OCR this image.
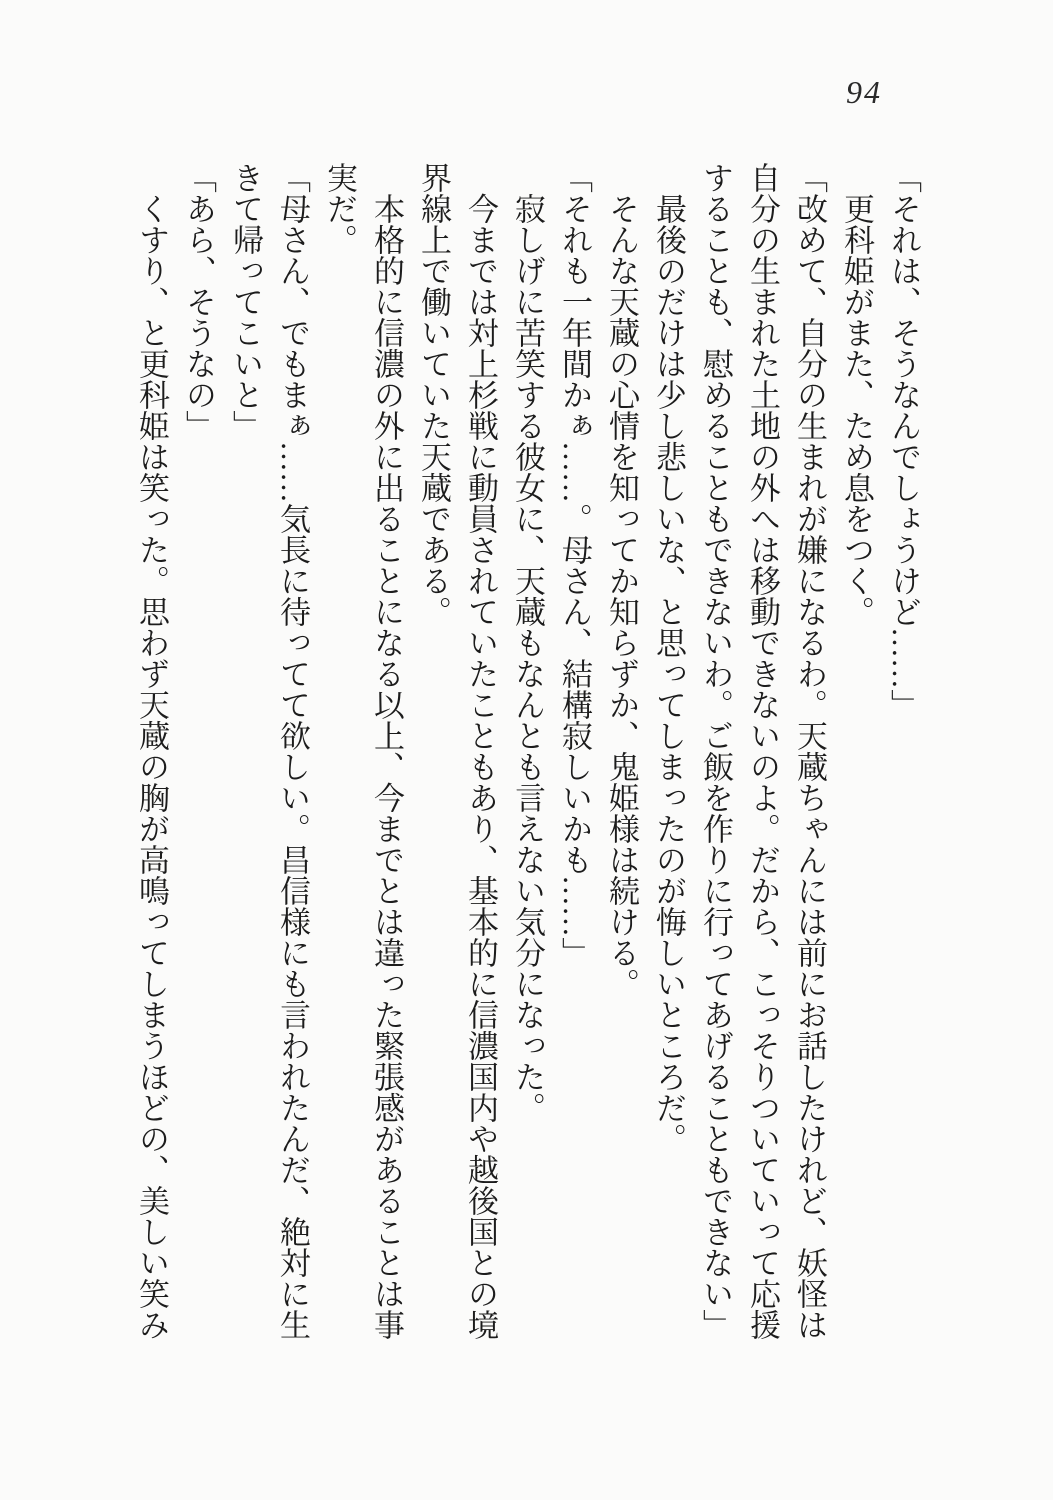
94

「それは、そうなんでしょうけど……」

更科姫がまた、ため息をつく。

「改めて、自分の生まれが嫌になるわ。天蔵ちゃんには前にお話したけれど、妖怪は

自分の生まれた土地の外へは移動できないのよ。だから、こっそりついていって応援

することも、慰めることもできないわ。ご飯を作りに行ってあげることもできない」

最後のだけは少し悲しいな、と思ってしまったのが悔しいところだ。

そんな天蔵の心情を知ってか知らずか、鬼姫様は続ける。

「それも一年間かぁ……。母さん、結構寂しいかも……」

寂しげに苦笑する彼女に、天蔵もなんとも言えない気分になった。

今までは対上杉戦に動員されていたこともあり、基本的に信濃国内や越後国との境

界線上で働いていた天蔵である。

本格的に信濃の外に出ることになる以上、今までとは違った緊張感があることは事

実だ。

「母さん、でもまぁ……気長に待ってて欲しい。昌信様にも言われたんだ、絶対に生

きて帰ってこいと」

「あら、そうなの」

くすり、と更科姫は笑った。思わず天蔵の胸が高鳴ってしまうほどの、美しい笑み
